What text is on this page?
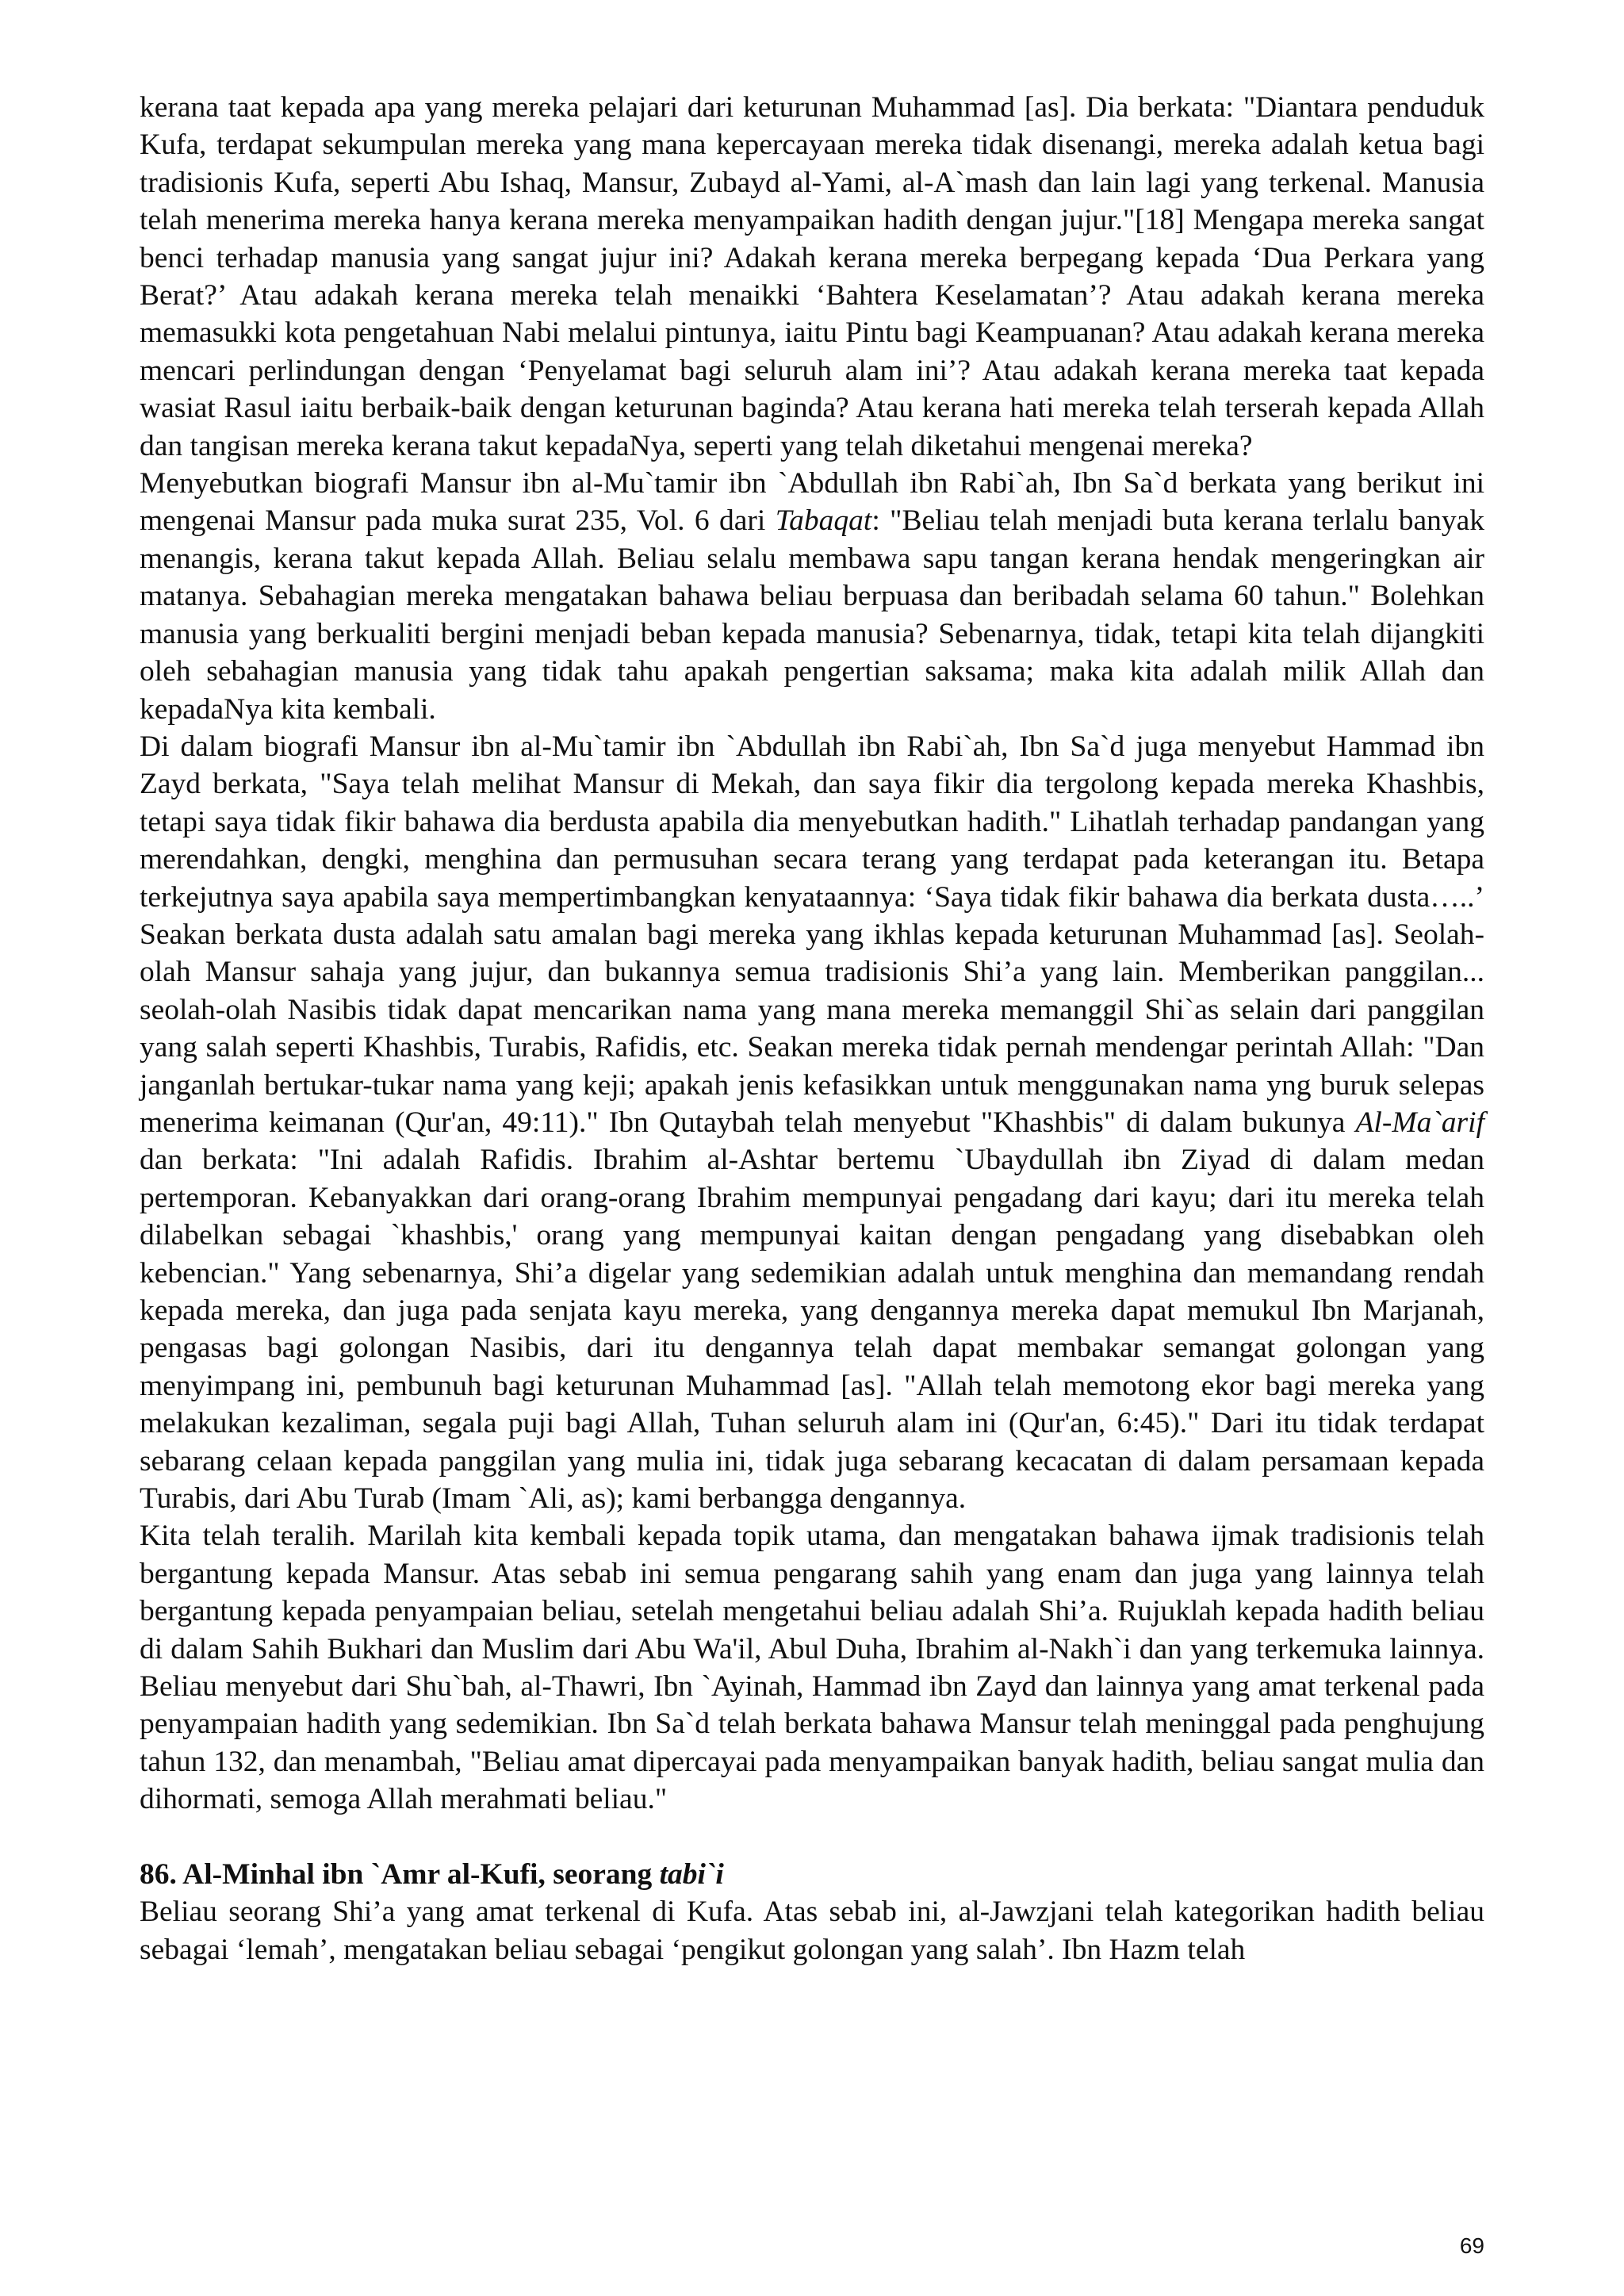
kerana taat kepada apa yang mereka pelajari dari keturunan Muhammad [as]. Dia berkata: "Diantara penduduk Kufa, terdapat sekumpulan mereka yang mana kepercayaan mereka tidak disenangi, mereka adalah ketua bagi tradisionis Kufa, seperti Abu Ishaq, Mansur, Zubayd al-Yami, al-A`mash dan lain lagi yang terkenal. Manusia telah menerima mereka hanya kerana mereka menyampaikan hadith dengan jujur."[18] Mengapa mereka sangat benci terhadap manusia yang sangat jujur ini? Adakah kerana mereka berpegang kepada ‘Dua Perkara yang Berat?’ Atau adakah kerana mereka telah menaikki ‘Bahtera Keselamatan’? Atau adakah kerana mereka memasukki kota pengetahuan Nabi melalui pintunya, iaitu Pintu bagi Keampuanan? Atau adakah kerana mereka mencari perlindungan dengan ‘Penyelamat bagi seluruh alam ini’? Atau adakah kerana mereka taat kepada wasiat Rasul iaitu berbaik-baik dengan keturunan baginda? Atau kerana hati mereka telah terserah kepada Allah dan tangisan mereka kerana takut kepadaNya, seperti yang telah diketahui mengenai mereka?

Menyebutkan biografi Mansur ibn al-Mu`tamir ibn `Abdullah ibn Rabi`ah, Ibn Sa`d berkata yang berikut ini mengenai Mansur pada muka surat 235, Vol. 6 dari Tabaqat: "Beliau telah menjadi buta kerana terlalu banyak menangis, kerana takut kepada Allah. Beliau selalu membawa sapu tangan kerana hendak mengeringkan air matanya. Sebahagian mereka mengatakan bahawa beliau berpuasa dan beribadah selama 60 tahun." Bolehkan manusia yang berkualiti bergini menjadi beban kepada manusia? Sebenarnya, tidak, tetapi kita telah dijangkiti oleh sebahagian manusia yang tidak tahu apakah pengertian saksama; maka kita adalah milik Allah dan kepadaNya kita kembali.

Di dalam biografi Mansur ibn al-Mu`tamir ibn `Abdullah ibn Rabi`ah, Ibn Sa`d juga menyebut Hammad ibn Zayd berkata, "Saya telah melihat Mansur di Mekah, dan saya fikir dia tergolong kepada mereka Khashbis, tetapi saya tidak fikir bahawa dia berdusta apabila dia menyebutkan hadith." Lihatlah terhadap pandangan yang merendahkan, dengki, menghina dan permusuhan secara terang yang terdapat pada keterangan itu. Betapa terkejutnya saya apabila saya mempertimbangkan kenyataannya: ‘Saya tidak fikir bahawa dia berkata dusta…..’ Seakan berkata dusta adalah satu amalan bagi mereka yang ikhlas kepada keturunan Muhammad [as]. Seolah-olah Mansur sahaja yang jujur, dan bukannya semua tradisionis Shi’a yang lain. Memberikan panggilan... seolah-olah Nasibis tidak dapat mencarikan nama yang mana mereka memanggil Shi`as selain dari panggilan yang salah seperti Khashbis, Turabis, Rafidis, etc. Seakan mereka tidak pernah mendengar perintah Allah: "Dan janganlah bertukar-tukar nama yang keji; apakah jenis kefasikkan untuk menggunakan nama yng buruk selepas menerima keimanan (Qur'an, 49:11)." Ibn Qutaybah telah menyebut "Khashbis" di dalam bukunya Al-Ma`arif dan berkata: "Ini adalah Rafidis. Ibrahim al-Ashtar bertemu `Ubaydullah ibn Ziyad di dalam medan pertemporan. Kebanyakkan dari orang-orang Ibrahim mempunyai pengadang dari kayu; dari itu mereka telah dilabelkan sebagai `khashbis,' orang yang mempunyai kaitan dengan pengadang yang disebabkan oleh kebencian." Yang sebenarnya, Shi’a digelar yang sedemikian adalah untuk menghina dan memandang rendah kepada mereka, dan juga pada senjata kayu mereka, yang dengannya mereka dapat memukul Ibn Marjanah, pengasas bagi golongan Nasibis, dari itu dengannya telah dapat membakar semangat golongan yang menyimpang ini, pembunuh bagi keturunan Muhammad [as]. "Allah telah memotong ekor bagi mereka yang melakukan kezaliman, segala puji bagi Allah, Tuhan seluruh alam ini (Qur'an, 6:45)." Dari itu tidak terdapat sebarang celaan kepada panggilan yang mulia ini, tidak juga sebarang kecacatan di dalam persamaan kepada Turabis, dari Abu Turab (Imam `Ali, as); kami berbangga dengannya.

Kita telah teralih. Marilah kita kembali kepada topik utama, dan mengatakan bahawa ijmak tradisionis telah bergantung kepada Mansur. Atas sebab ini semua pengarang sahih yang enam dan juga yang lainnya telah bergantung kepada penyampaian beliau, setelah mengetahui beliau adalah Shi’a. Rujuklah kepada hadith beliau di dalam Sahih Bukhari dan Muslim dari Abu Wa'il, Abul Duha, Ibrahim al-Nakh`i dan yang terkemuka lainnya. Beliau menyebut dari Shu`bah, al-Thawri, Ibn `Ayinah, Hammad ibn Zayd dan lainnya yang amat terkenal pada penyampaian hadith yang sedemikian. Ibn Sa`d telah berkata bahawa Mansur telah meninggal pada penghujung tahun 132, dan menambah, "Beliau amat dipercayai pada menyampaikan banyak hadith, beliau sangat mulia dan dihormati, semoga Allah merahmati beliau."

86. Al-Minhal ibn `Amr al-Kufi, seorang tabi`i

Beliau seorang Shi’a yang amat terkenal di Kufa. Atas sebab ini, al-Jawzjani telah kategorikan hadith beliau sebagai ‘lemah’, mengatakan beliau sebagai ‘pengikut golongan yang salah’. Ibn Hazm telah

69
